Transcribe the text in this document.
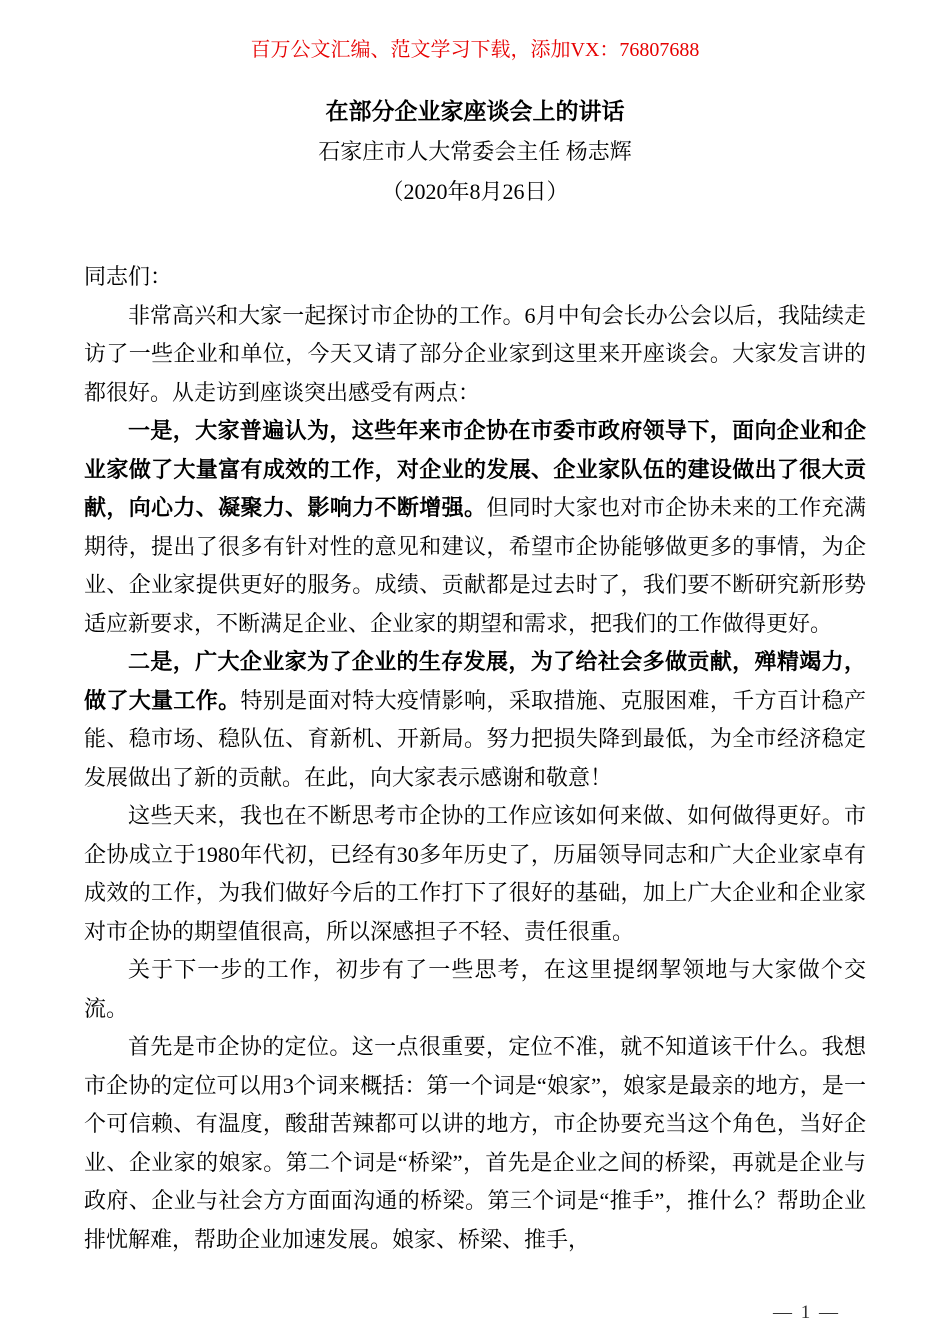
百万公文汇编、范文学习下载，添加VX：76807688
在部分企业家座谈会上的讲话
石家庄市人大常委会主任 杨志辉
（2020年8月26日）

同志们：

非常高兴和大家一起探讨市企协的工作。6月中旬会长办公会以后，我陆续走访了一些企业和单位，今天又请了部分企业家到这里来开座谈会。大家发言讲的都很好。从走访到座谈突出感受有两点：

一是，大家普遍认为，这些年来市企协在市委市政府领导下，面向企业和企业家做了大量富有成效的工作，对企业的发展、企业家队伍的建设做出了很大贡献，向心力、凝聚力、影响力不断增强。但同时大家也对市企协未来的工作充满期待，提出了很多有针对性的意见和建议，希望市企协能够做更多的事情，为企业、企业家提供更好的服务。成绩、贡献都是过去时了，我们要不断研究新形势适应新要求，不断满足企业、企业家的期望和需求，把我们的工作做得更好。

二是，广大企业家为了企业的生存发展，为了给社会多做贡献，殚精竭力，做了大量工作。特别是面对特大疫情影响，采取措施、克服困难，千方百计稳产能、稳市场、稳队伍、育新机、开新局。努力把损失降到最低，为全市经济稳定发展做出了新的贡献。在此，向大家表示感谢和敬意！

这些天来，我也在不断思考市企协的工作应该如何来做、如何做得更好。市企协成立于1980年代初，已经有30多年历史了，历届领导同志和广大企业家卓有成效的工作，为我们做好今后的工作打下了很好的基础，加上广大企业和企业家对市企协的期望值很高，所以深感担子不轻、责任很重。

关于下一步的工作，初步有了一些思考，在这里提纲挈领地与大家做个交流。

首先是市企协的定位。这一点很重要，定位不准，就不知道该干什么。我想市企协的定位可以用3个词来概括：第一个词是“娘家”，娘家是最亲的地方，是一个可信赖、有温度，酸甜苦辣都可以讲的地方，市企协要充当这个角色，当好企业、企业家的娘家。第二个词是“桥梁”，首先是企业之间的桥梁，再就是企业与政府、企业与社会方方面面沟通的桥梁。第三个词是“推手”，推什么？帮助企业排忧解难，帮助企业加速发展。娘家、桥梁、推手，

— 1 —
